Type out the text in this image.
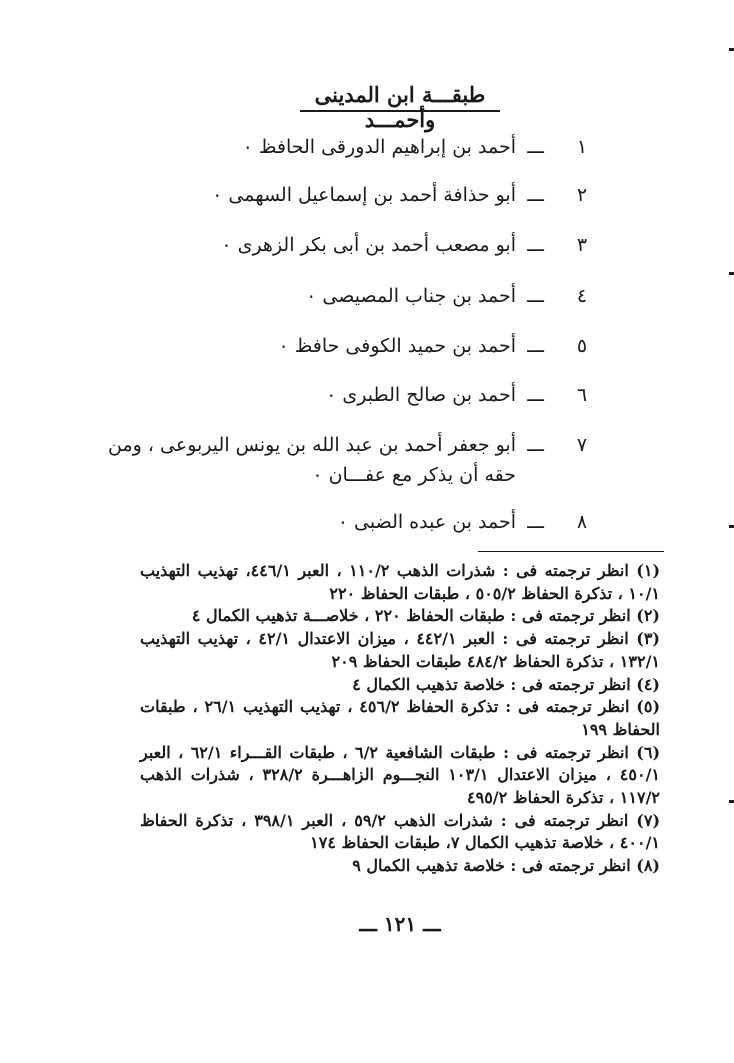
طبقـــة ابن المدينى وأحمـــد
١
ـــ
أحمد بن إبراهيم الدورقى الحافظ ٠
٢
ـــ
أبو حذافة أحمد بن إسماعيل السهمى ٠
٣
ـــ
أبو مصعب أحمد بن أبى بكر الزهرى ٠
٤
ـــ
أحمد بن جناب المصيصى ٠
٥
ـــ
أحمد بن حميد الكوفى حافظ ٠
٦
ـــ
أحمد بن صالح الطبرى ٠
٧
ـــ
أبو جعفر أحمد بن عبد الله بن يونس اليربوعى ، ومن
حقه أن يذكر مع عفـــان ٠
٨
ـــ
أحمد بن عبده الضبى ٠

(١) انظر ترجمته فى : شذرات الذهب ١١٠/٢ ، العبر ٤٤٦/١، تهذيب التهذيب ١٠/١ ، تذكرة الحفاظ ٥٠٥/٢ ، طبقات الحفاظ ٢٢٠

(٢) انظر ترجمته فى : طبقات الحفاظ ٢٢٠ ، خلاصـــة تذهيب الكمال ٤

(٣) انظر ترجمته فى : العبر ٤٤٢/١ ، ميزان الاعتدال ٤٢/١ ، تهذيب التهذيب ١٣٢/١ ، تذكرة الحفاظ ٤٨٤/٢ طبقات الحفاظ ٢٠٩

(٤) انظر ترجمته فى : خلاصة تذهيب الكمال ٤

(٥) انظر ترجمته فى : تذكرة الحفاظ ٤٥٦/٢ ، تهذيب التهذيب ٢٦/١ ، طبقات الحفاظ ١٩٩

(٦) انظر ترجمته فى : طبقات الشافعية ٦/٢ ، طبقات القـــراء ٦٢/١ ، العبر ٤٥٠/١ ، ميزان الاعتدال ١٠٣/١ النجـــوم الزاهـــرة ٣٢٨/٢ ، شذرات الذهب ١١٧/٢ ، تذكرة الحفاظ ٤٩٥/٢

(٧) انظر ترجمته فى : شذرات الذهب ٥٩/٢ ، العبر ٣٩٨/١ ، تذكرة الحفاظ ٤٠٠/١ ، خلاصة تذهيب الكمال ٧، طبقات الحفاظ ١٧٤

(٨) انظر ترجمته فى : خلاصة تذهيب الكمال ٩

ـــ ١٢١ ـــ
